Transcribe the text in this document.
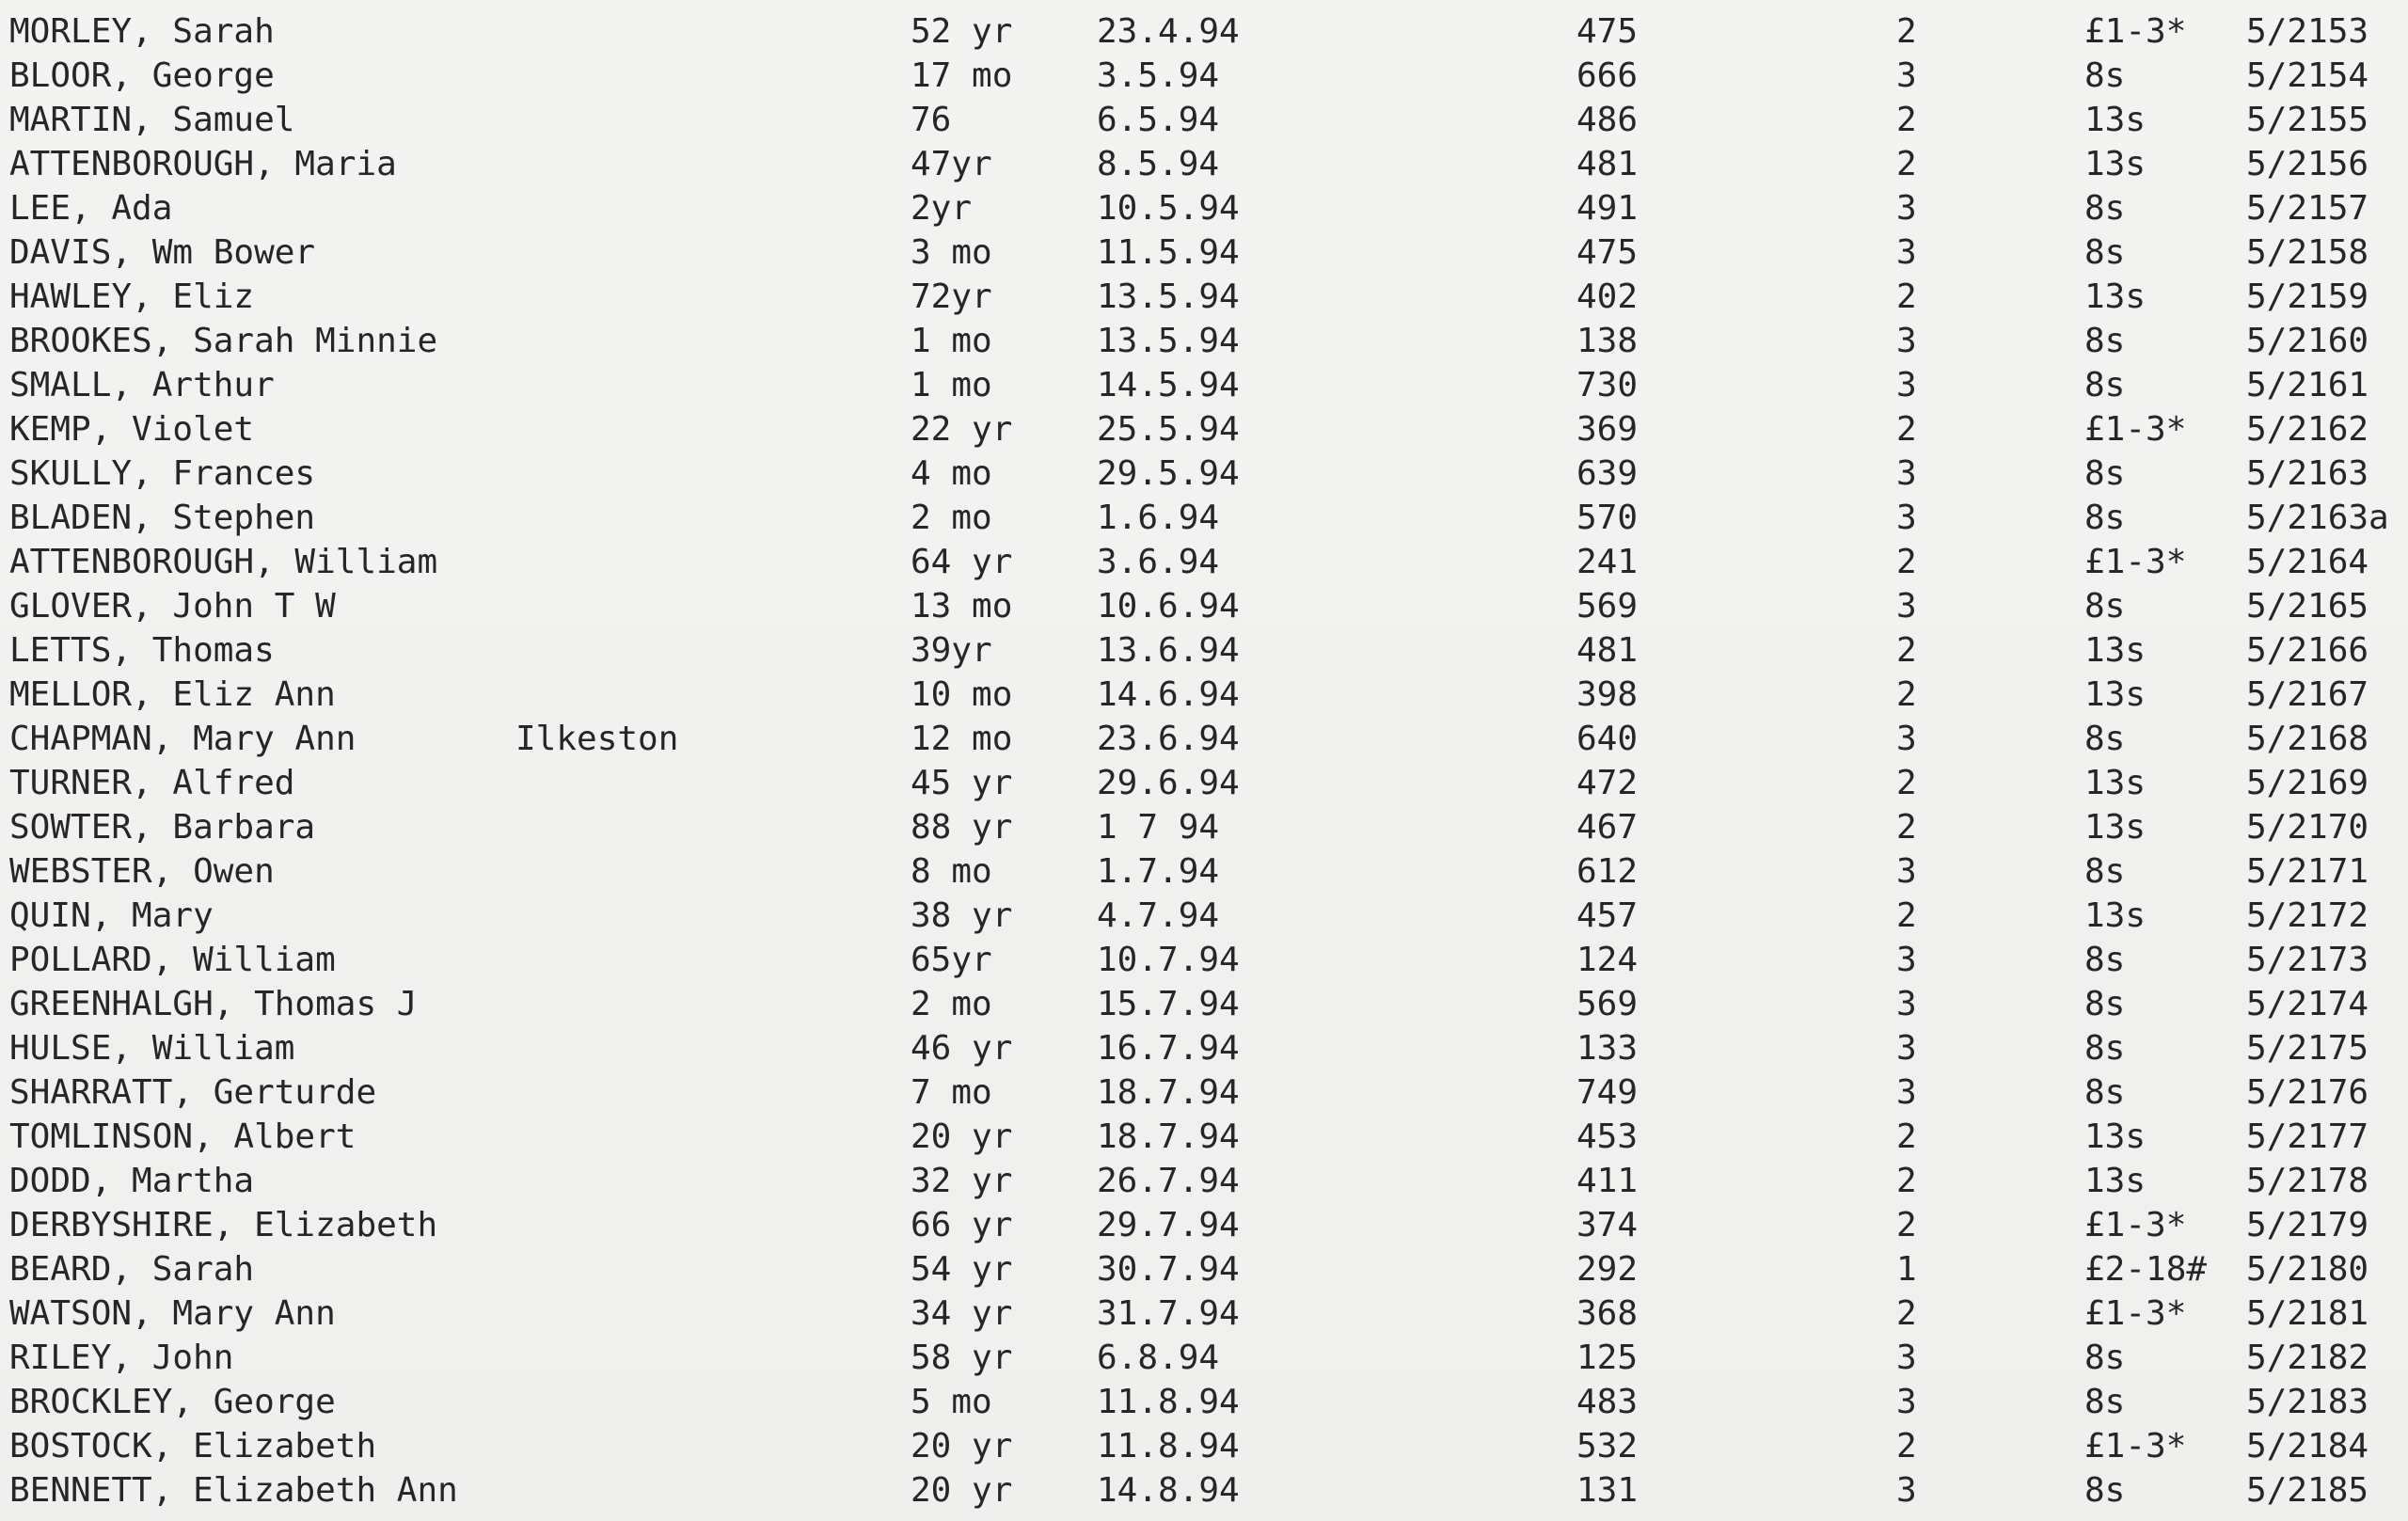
MORLEY, Sarah	52 yr 23.4.94	475	2	£1-3* 5/2153
BLOOR, George	17 mo 3.5.94	666	3	8s	5/2154
MARTIN, Samuel	76	6.5.94	486	2	13s	5/2155
ATTENBOROUGH, Maria	47yr	8.5.94	481	2	13s	5/2156
LEE, Ada	2yr	10.5.94	491	3	8s	5/2157
DAVIS, Wm Bower	3 mo	11.5.94	475	3	8s	5/2158
HAWLEY, Eliz	72yr	13.5.94	402	2	13s	5/2159
BROOKES, Sarah Minnie	1 mo	13.5.94	138	3	8s	5/2160
SMALL, Arthur	1 mo	14.5.94	730	3	8s	5/2161
KEMP, Violet	22 yr 25.5.94	369	2	£1-3* 5/2162
SKULLY, Frances	4 mo	29.5.94	639	3	8s	5/2163
BLADEN, Stephen	2 mo	1.6.94	570	3	8s	5/2163a
ATTENBOROUGH, William	64 yr 3.6.94	241	2	£1-3* 5/2164
GLOVER, John T W	13 mo 10.6.94	569	3	8s	5/2165
LETTS, Thomas	39yr	13.6.94	481	2	13s	5/2166
MELLOR, Eliz Ann	10 mo 14.6.94	398	2	13s	5/2167
CHAPMAN, Mary Ann	Ilkeston	12 mo 23.6.94	640	3	8s	5/2168
TURNER, Alfred	45 yr 29.6.94	472	2	13s	5/2169
SOWTER, Barbara	88 yr 1 7 94	467	2	13s	5/2170
WEBSTER, Owen	8 mo	1.7.94	612	3	8s	5/2171
QUIN, Mary	38 yr 4.7.94	457	2	13s	5/2172
POLLARD, William	65yr	10.7.94	124	3	8s	5/2173
GREENHALGH, Thomas J	2 mo	15.7.94	569	3	8s	5/2174
HULSE, William	46 yr 16.7.94	133	3	8s	5/2175
SHARRATT, Gerturde	7 mo	18.7.94	749	3	8s	5/2176
TOMLINSON, Albert	20 yr 18.7.94	453	2	13s	5/2177
DODD, Martha	32 yr 26.7.94	411	2	13s	5/2178
DERBYSHIRE, Elizabeth	66 yr 29.7.94	374	2	£1-3* 5/2179
BEARD, Sarah	54 yr 30.7.94	292	1	£2-18# 5/2180
WATSON, Mary Ann	34 yr 31.7.94	368	2	£1-3* 5/2181
RILEY, John	58 yr 6.8.94	125	3	8s	5/2182
BROCKLEY, George	5 mo	11.8.94	483	3	8s	5/2183
BOSTOCK, Elizabeth	20 yr 11.8.94	532	2	£1-3* 5/2184
BENNETT, Elizabeth Ann	20 yr 14.8.94	131	3	8s	5/2185
